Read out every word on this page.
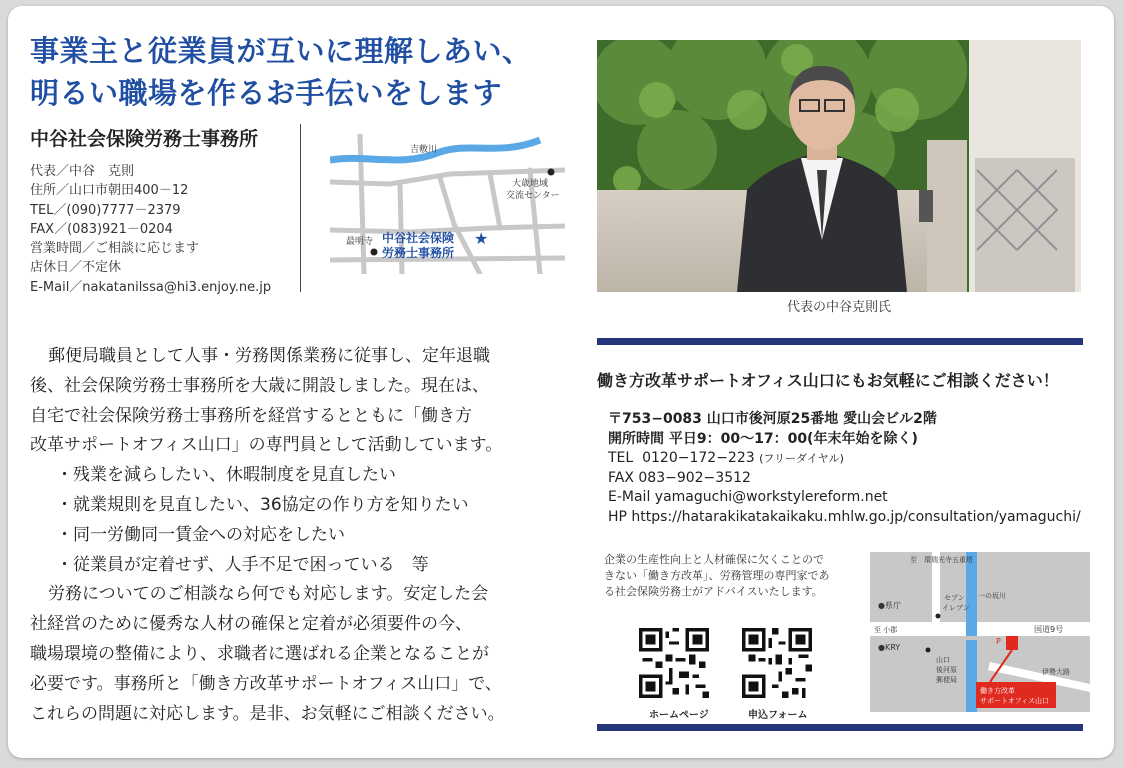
事業主と従業員が互いに理解しあい、
明るい職場を作るお手伝いをします
中谷社会保険労務士事務所
代表／中谷　克則
住所／山口市朝田400－12
TEL／(090)7777－2379
FAX／(083)921－0204
営業時間／ご相談に応じます
店休日／不定休
E-Mail／nakatanilssa@hi3.enjoy.ne.jp
吉敷川
大歳地域
交流センター
最明寺 中谷社会保険 ★
労務士事務所
代表の中谷克則氏

郵便局職員として人事・労務関係業務に従事し、定年退職

後、社会保険労務士事務所を大歳に開設しました。現在は、

自宅で社会保険労務士事務所を経営するとともに「働き方

改革サポートオフィス山口」の専門員として活動しています。

・残業を減らしたい、休暇制度を見直したい

・就業規則を見直したい、36協定の作り方を知りたい

・同一労働同一賃金への対応をしたい

・従業員が定着せず、人手不足で困っている　等

労務についてのご相談なら何でも対応します。安定した会

社経営のために優秀な人材の確保と定着が必須要件の今、

職場環境の整備により、求職者に選ばれる企業となることが

必要です。事務所と「働き方改革サポートオフィス山口」で、

これらの問題に対応します。是非、お気軽にご相談ください。

働き方改革サポートオフィス山口にもお気軽にご相談ください！
〒753−0083 山口市後河原25番地 愛山会ビル2階
開所時間 平日9：00～17：00(年末年始を除く)
TEL 0120−172−223 (フリーダイヤル)
FAX 083−902−3512
E-Mail yamaguchi@workstylereform.net
HP https://hatarakikatakaikaku.mhlw.go.jp/consultation/yamaguchi/
企業の生産性向上と人材確保に欠くことので
きない「働き方改革」、労務管理の専門家であ
る社会保険労務士がアドバイスいたします。
ホームページ	申込フォーム
至　環瑞光寺五重塔
●県庁
セブン
イレブン
一の坂川
至 小郡	国道9号
●KRY
山口
後河原
郵便局
伊勢大路
P
働き方改革
サポートオフィス山口
